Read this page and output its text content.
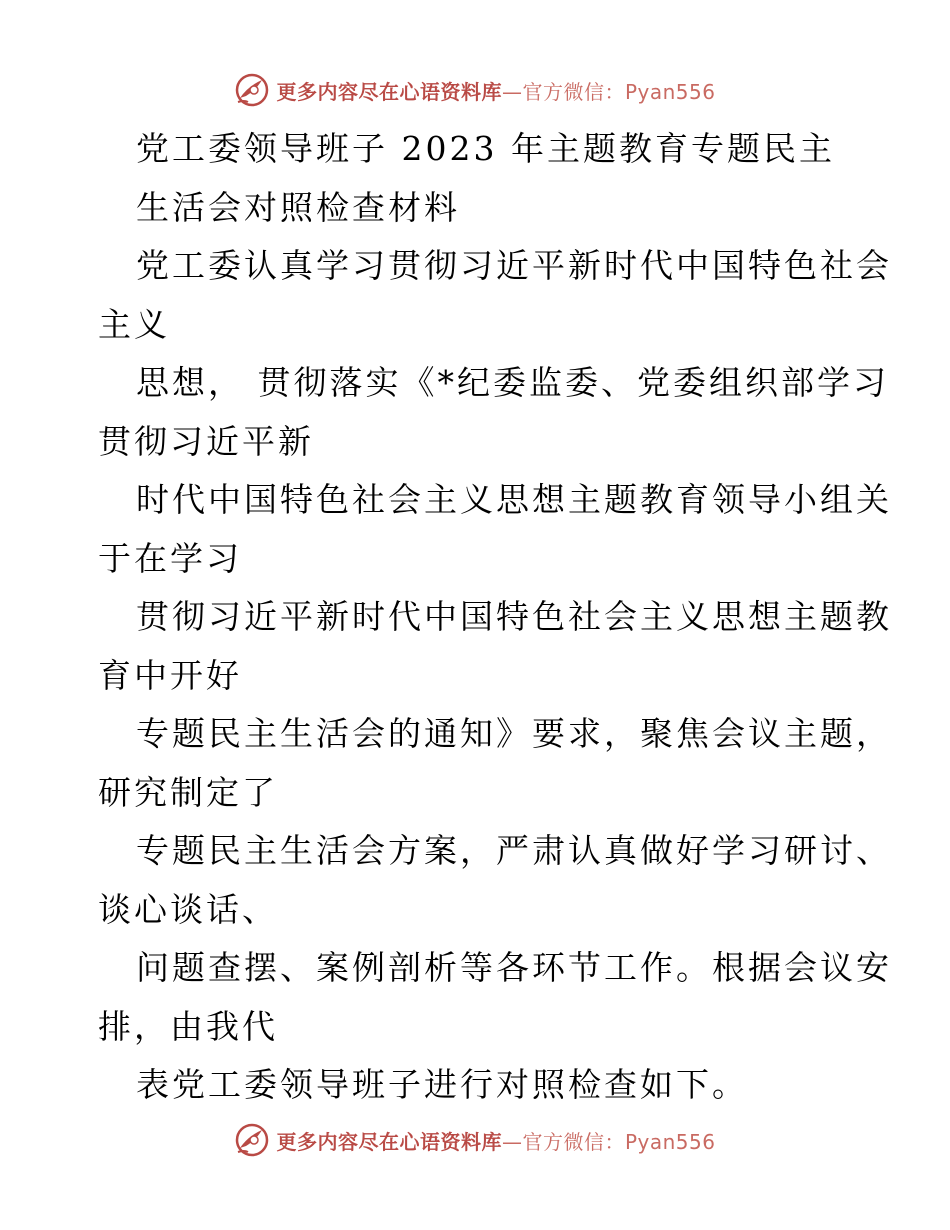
更多内容尽在心语资料库—官方微信：Pyan556
党工委领导班子 2023 年主题教育专题民主
生活会对照检查材料
党工委认真学习贯彻习近平新时代中国特色社会
主义
思想， 贯彻落实《*纪委监委、党委组织部学习
贯彻习近平新
时代中国特色社会主义思想主题教育领导小组关
于在学习
贯彻习近平新时代中国特色社会主义思想主题教
育中开好
专题民主生活会的通知》要求，聚焦会议主题，
研究制定了
专题民主生活会方案，严肃认真做好学习研讨、
谈心谈话、
问题查摆、案例剖析等各环节工作。根据会议安
排，由我代
表党工委领导班子进行对照检查如下。
更多内容尽在心语资料库—官方微信：Pyan556
